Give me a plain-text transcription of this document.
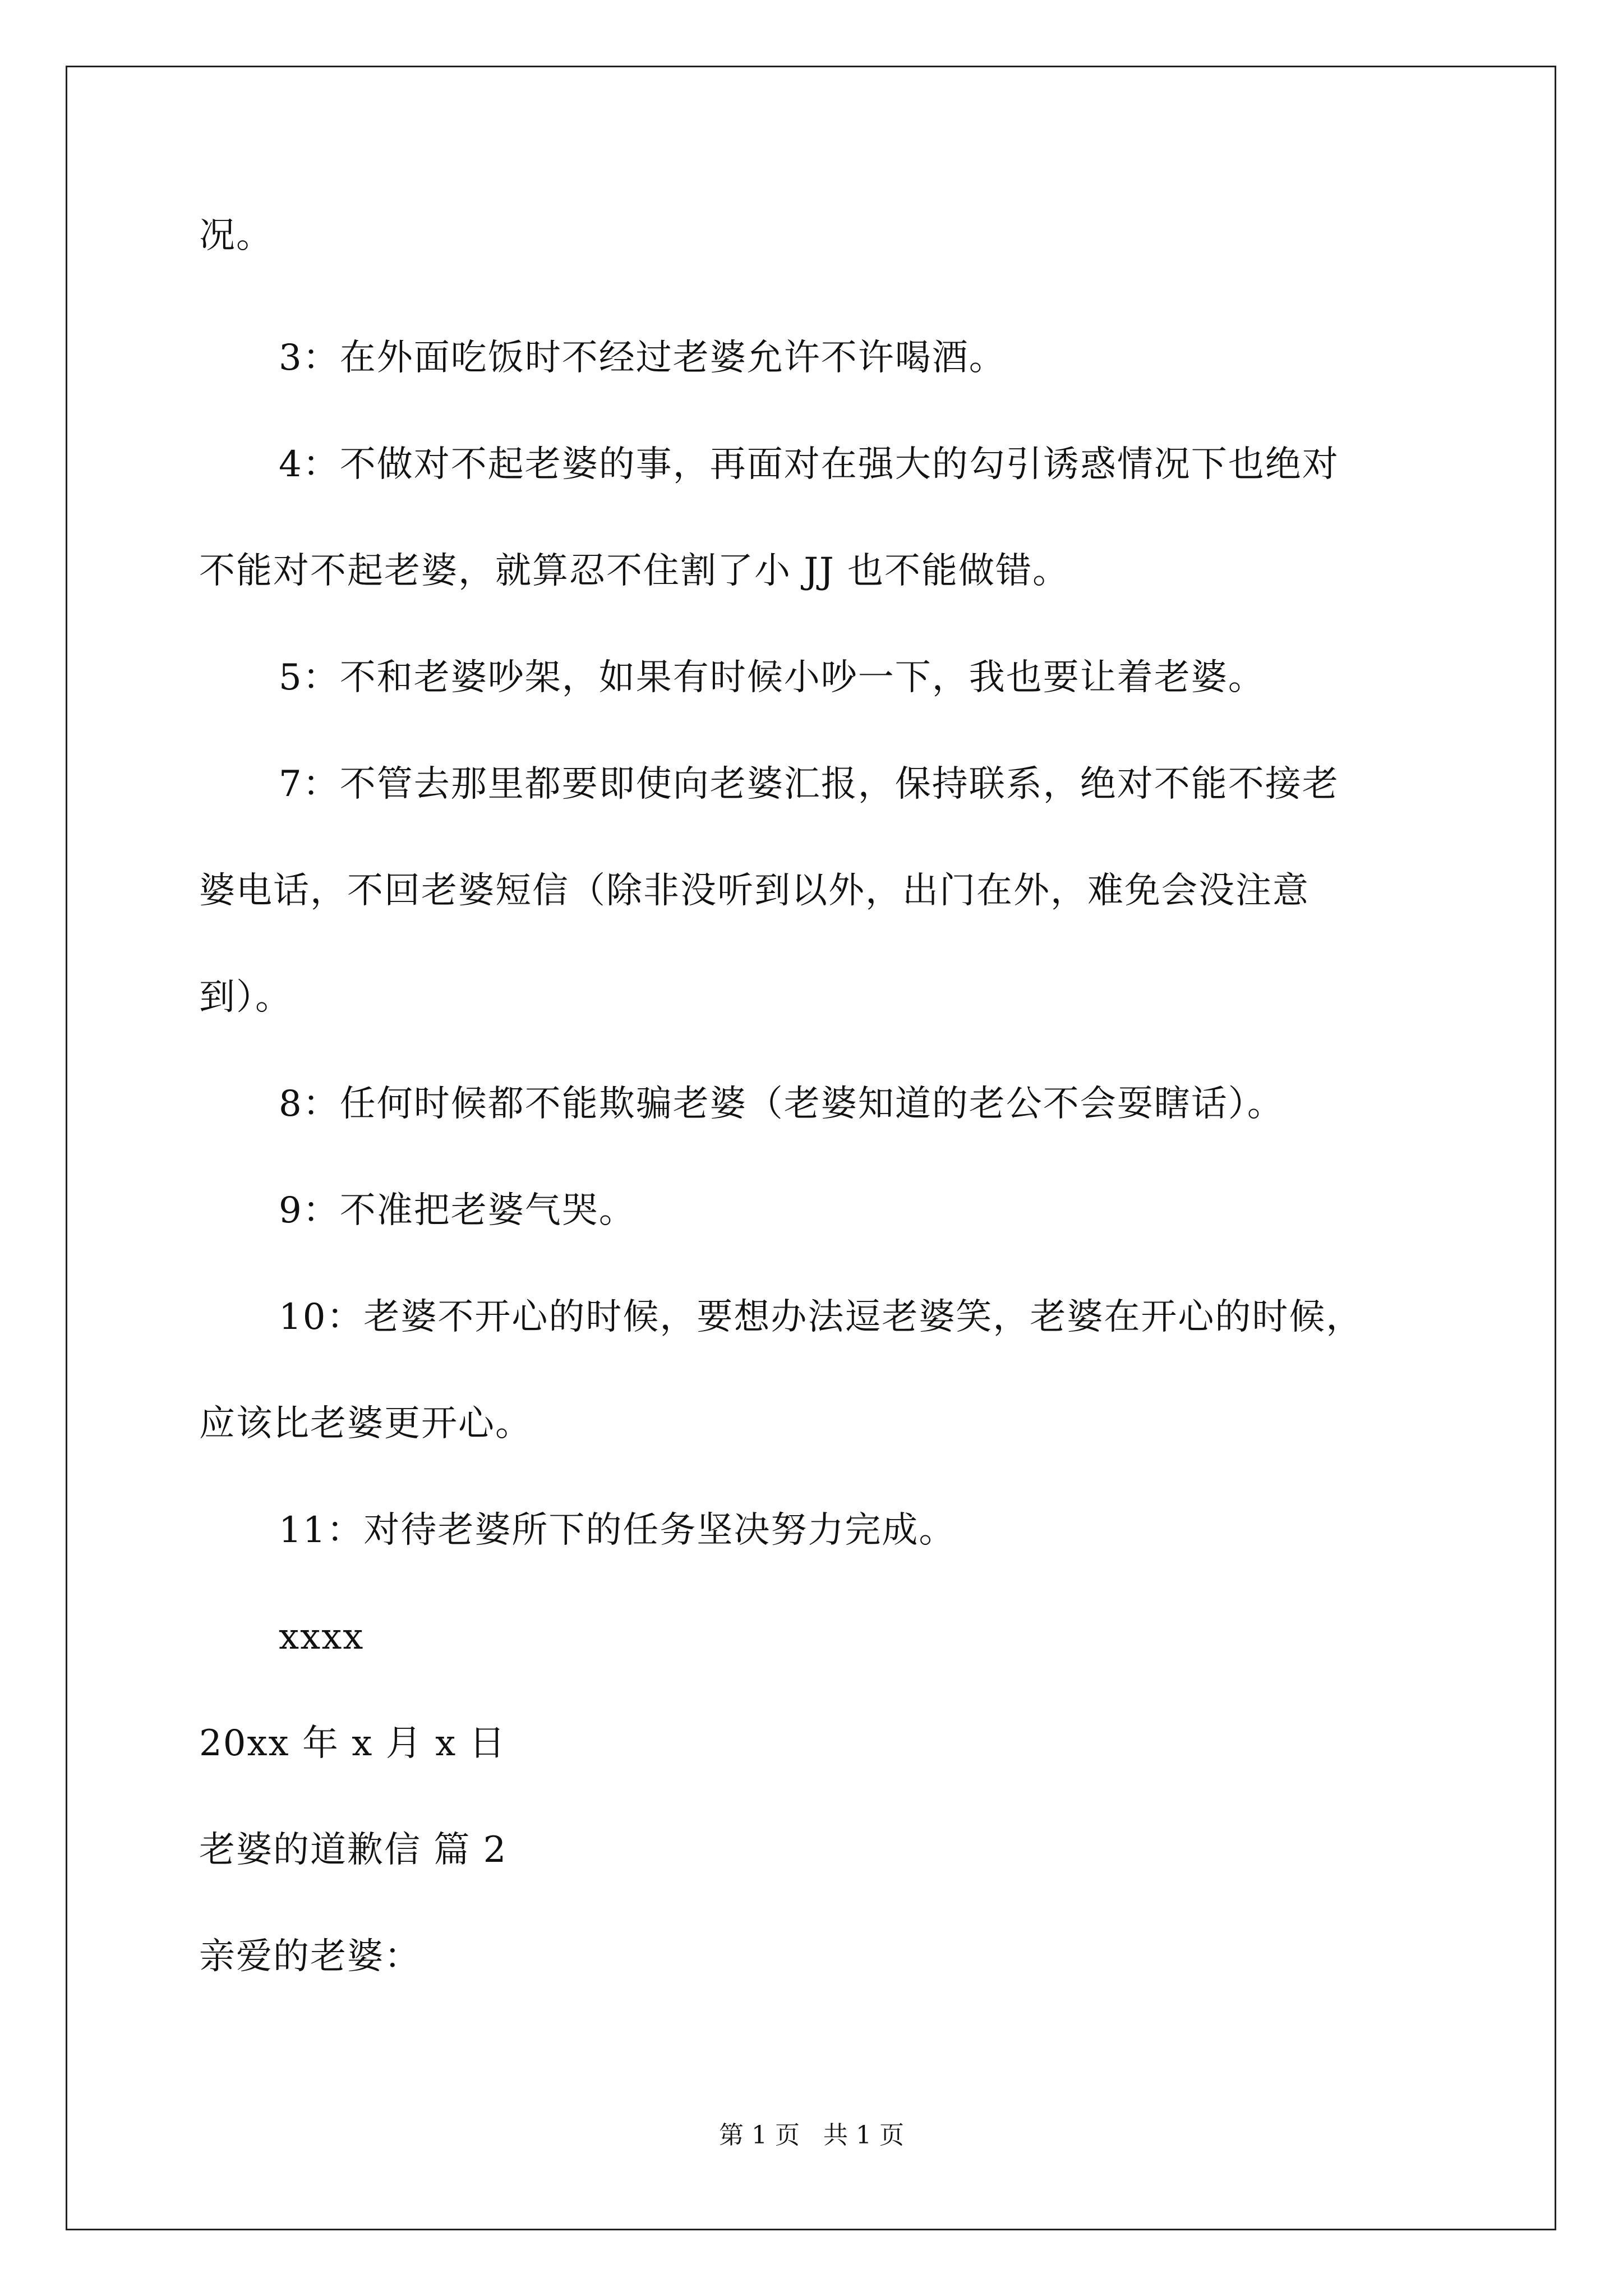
况。
3：在外面吃饭时不经过老婆允许不许喝酒。
4：不做对不起老婆的事，再面对在强大的勾引诱惑情况下也绝对
不能对不起老婆，就算忍不住割了小 JJ 也不能做错。
5：不和老婆吵架，如果有时候小吵一下，我也要让着老婆。
7：不管去那里都要即使向老婆汇报，保持联系，绝对不能不接老
婆电话，不回老婆短信（除非没听到以外，出门在外，难免会没注意
到）。
8：任何时候都不能欺骗老婆（老婆知道的老公不会耍瞎话）。
9：不准把老婆气哭。
10：老婆不开心的时候，要想办法逗老婆笑，老婆在开心的时候，
应该比老婆更开心。
11：对待老婆所下的任务坚决努力完成。
xxxx
20xx 年 x 月 x 日
老婆的道歉信 篇 2
亲爱的老婆：
第 1 页 共 1 页
